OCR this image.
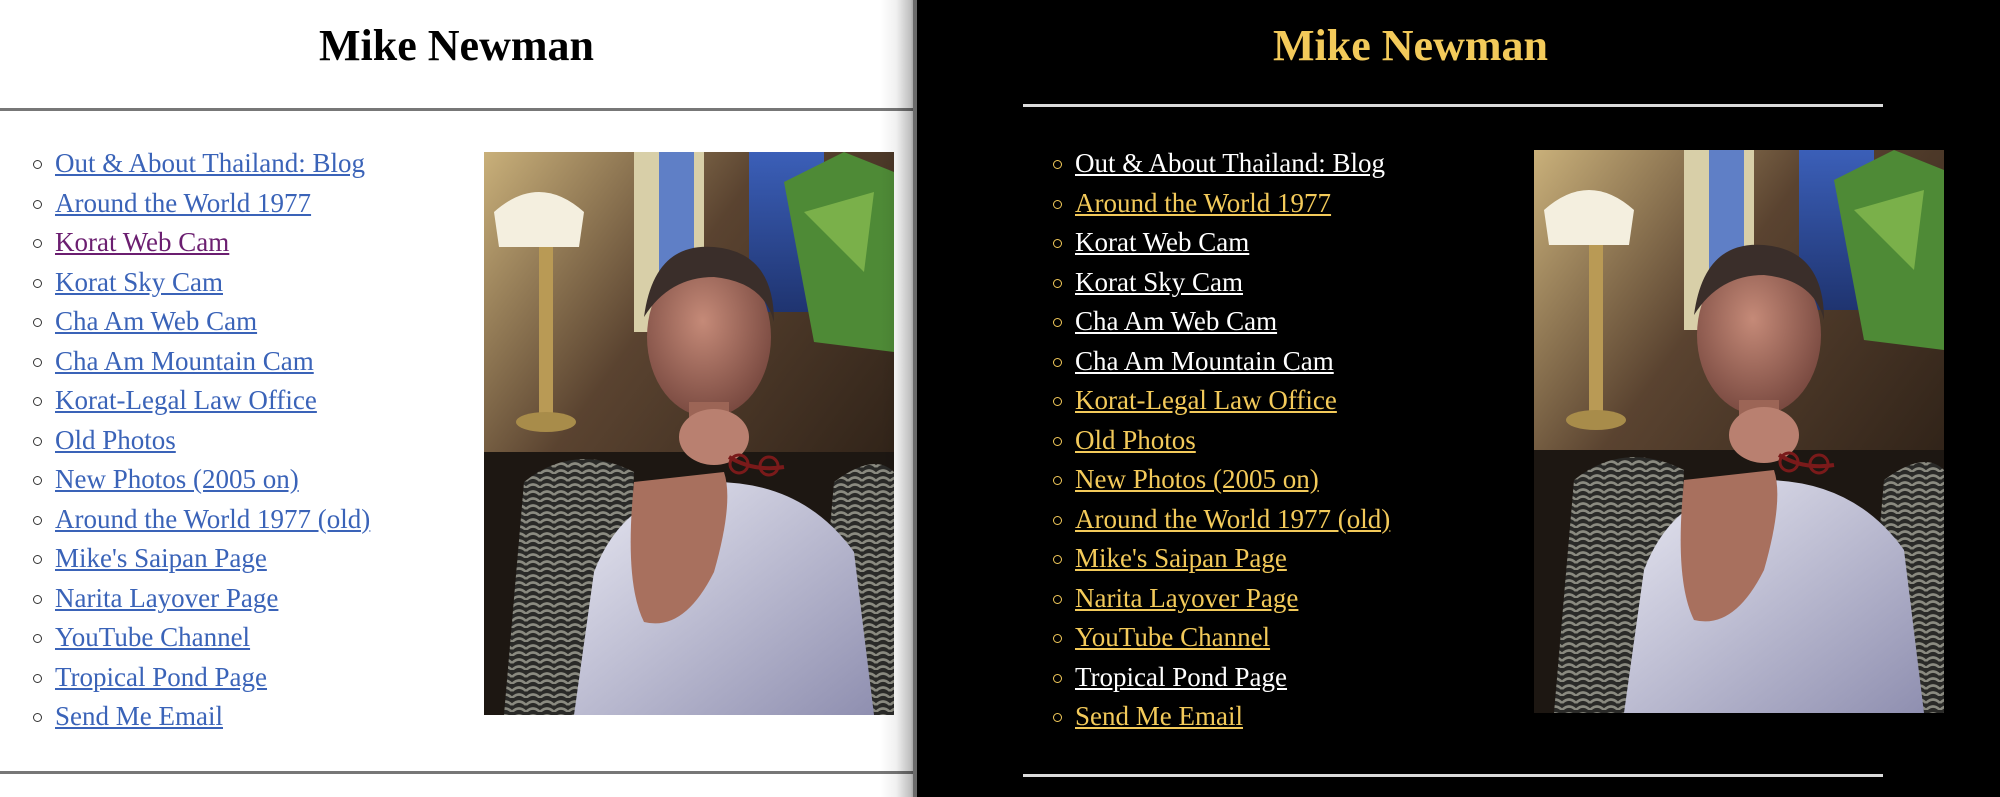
Mike Newman
Out & About Thailand: Blog
Around the World 1977
Korat Web Cam
Korat Sky Cam
Cha Am Web Cam
Cha Am Mountain Cam
Korat-Legal Law Office
Old Photos
New Photos (2005 on)
Around the World 1977 (old)
Mike's Saipan Page
Narita Layover Page
YouTube Channel
Tropical Pond Page
Send Me Email
Mike Newman
Out & About Thailand: Blog
Around the World 1977
Korat Web Cam
Korat Sky Cam
Cha Am Web Cam
Cha Am Mountain Cam
Korat-Legal Law Office
Old Photos
New Photos (2005 on)
Around the World 1977 (old)
Mike's Saipan Page
Narita Layover Page
YouTube Channel
Tropical Pond Page
Send Me Email
